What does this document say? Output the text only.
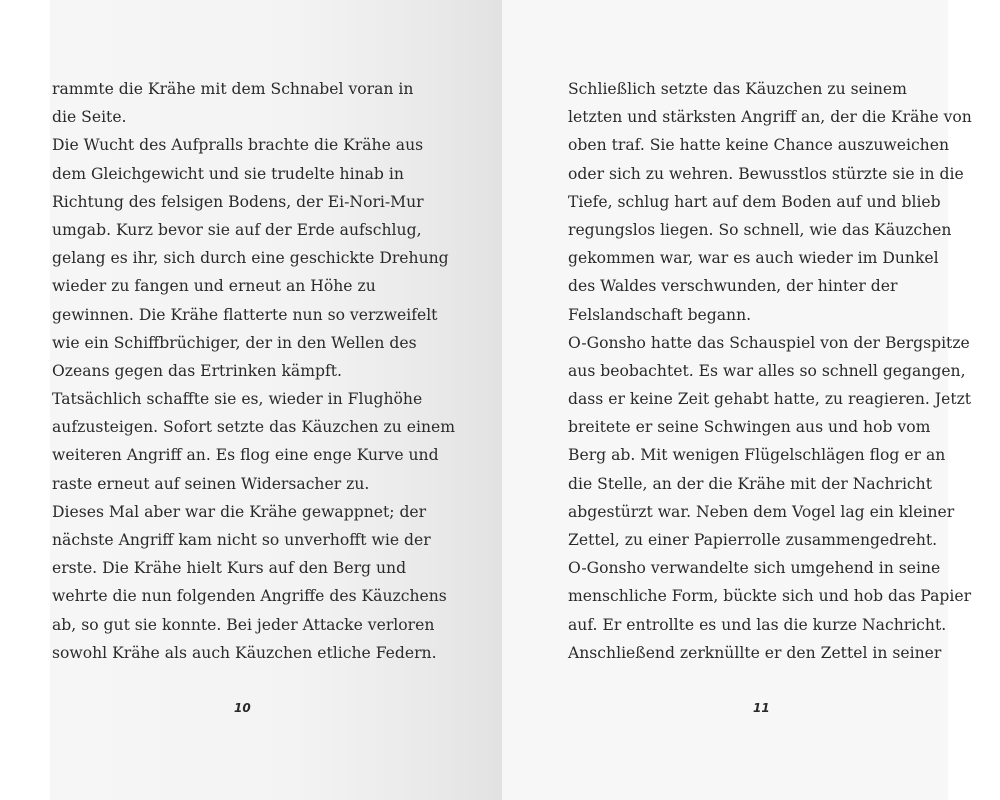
rammte die Krähe mit dem Schnabel voran in
die Seite.
Die Wucht des Aufpralls brachte die Krähe aus
dem Gleichgewicht und sie trudelte hinab in
Richtung des felsigen Bodens, der Ei-Nori-Mur
umgab. Kurz bevor sie auf der Erde aufschlug,
gelang es ihr, sich durch eine geschickte Drehung
wieder zu fangen und erneut an Höhe zu
gewinnen. Die Krähe flatterte nun so verzweifelt
wie ein Schiffbrüchiger, der in den Wellen des
Ozeans gegen das Ertrinken kämpft.
Tatsächlich schaffte sie es, wieder in Flughöhe
aufzusteigen. Sofort setzte das Käuzchen zu einem
weiteren Angriff an. Es flog eine enge Kurve und
raste erneut auf seinen Widersacher zu.
Dieses Mal aber war die Krähe gewappnet; der
nächste Angriff kam nicht so unverhofft wie der
erste. Die Krähe hielt Kurs auf den Berg und
wehrte die nun folgenden Angriffe des Käuzchens
ab, so gut sie konnte. Bei jeder Attacke verloren
sowohl Krähe als auch Käuzchen etliche Federn.
10
Schließlich setzte das Käuzchen zu seinem
letzten und stärksten Angriff an, der die Krähe von
oben traf. Sie hatte keine Chance auszuweichen
oder sich zu wehren. Bewusstlos stürzte sie in die
Tiefe, schlug hart auf dem Boden auf und blieb
regungslos liegen. So schnell, wie das Käuzchen
gekommen war, war es auch wieder im Dunkel
des Waldes verschwunden, der hinter der
Felslandschaft begann.
O-Gonsho hatte das Schauspiel von der Bergspitze
aus beobachtet. Es war alles so schnell gegangen,
dass er keine Zeit gehabt hatte, zu reagieren. Jetzt
breitete er seine Schwingen aus und hob vom
Berg ab. Mit wenigen Flügelschlägen flog er an
die Stelle, an der die Krähe mit der Nachricht
abgestürzt war. Neben dem Vogel lag ein kleiner
Zettel, zu einer Papierrolle zusammengedreht.
O-Gonsho verwandelte sich umgehend in seine
menschliche Form, bückte sich und hob das Papier
auf. Er entrollte es und las die kurze Nachricht.
Anschließend zerknüllte er den Zettel in seiner
11
